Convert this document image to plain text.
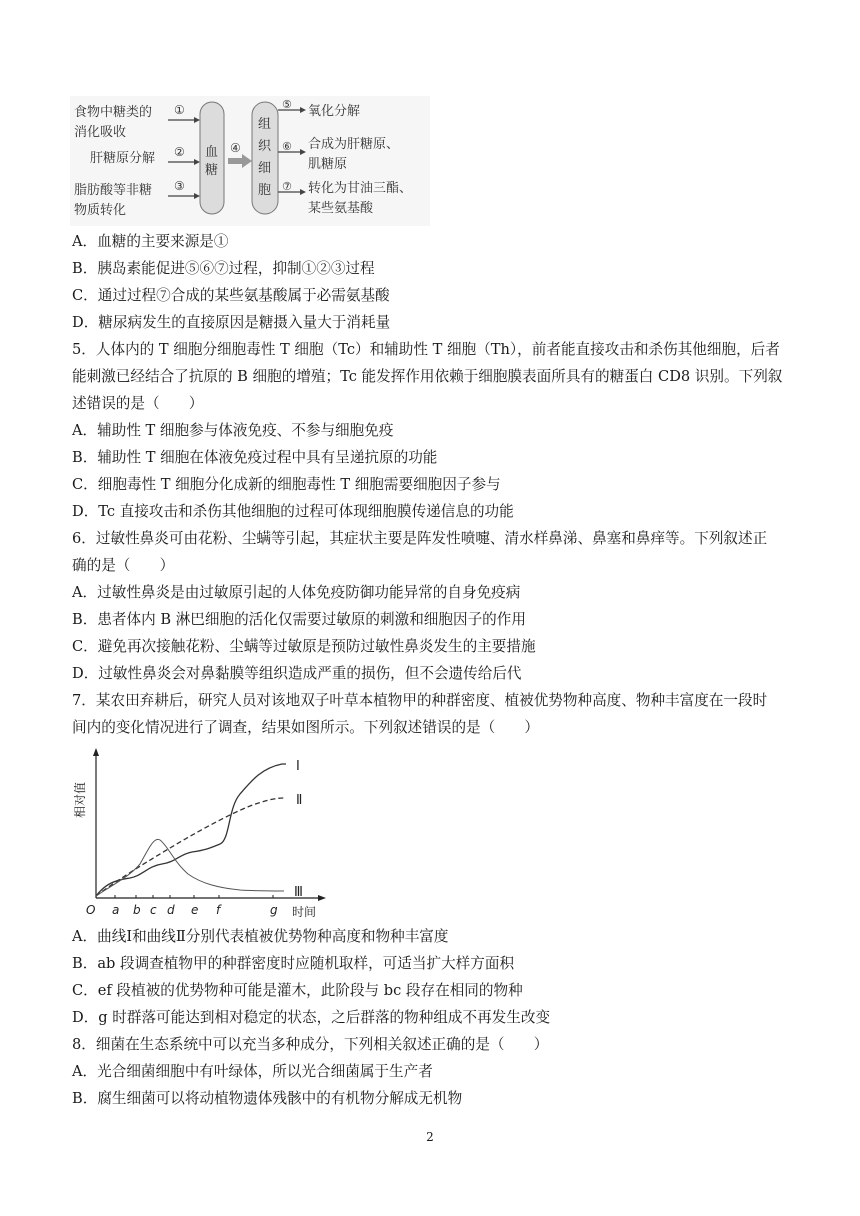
食物中糖类的
消化吸收
肝糖原分解
脂肪酸等非糖
物质转化
①
②
③
血
糖
④
组
织
细
胞
⑤ 氧化分解
⑥ 合成为肝糖原、
肌糖原
⑦ 转化为甘油三酯、
某些氨基酸
A．血糖的主要来源是①
B．胰岛素能促进⑤⑥⑦过程，抑制①②③过程
C．通过过程⑦合成的某些氨基酸属于必需氨基酸
D．糖尿病发生的直接原因是糖摄入量大于消耗量
5．人体内的 T 细胞分细胞毒性 T 细胞（Tc）和辅助性 T 细胞（Th），前者能直接攻击和杀伤其他细胞，后者
能刺激已经结合了抗原的 B 细胞的增殖；Tc 能发挥作用依赖于细胞膜表面所具有的糖蛋白 CD8 识别。下列叙
述错误的是（　　）
A．辅助性 T 细胞参与体液免疫、不参与细胞免疫
B．辅助性 T 细胞在体液免疫过程中具有呈递抗原的功能
C．细胞毒性 T 细胞分化成新的细胞毒性 T 细胞需要细胞因子参与
D．Tc 直接攻击和杀伤其他细胞的过程可体现细胞膜传递信息的功能
6．过敏性鼻炎可由花粉、尘螨等引起，其症状主要是阵发性喷嚏、清水样鼻涕、鼻塞和鼻痒等。下列叙述正
确的是（　　）
A．过敏性鼻炎是由过敏原引起的人体免疫防御功能异常的自身免疫病
B．患者体内 B 淋巴细胞的活化仅需要过敏原的刺激和细胞因子的作用
C．避免再次接触花粉、尘螨等过敏原是预防过敏性鼻炎发生的主要措施
D．过敏性鼻炎会对鼻黏膜等组织造成严重的损伤，但不会遗传给后代
7．某农田弃耕后，研究人员对该地双子叶草本植物甲的种群密度、植被优势物种高度、物种丰富度在一段时
间内的变化情况进行了调查，结果如图所示。下列叙述错误的是（　　）
相对值
O	时间
a b c d e f	g
Ⅰ
Ⅱ
Ⅲ
A．曲线Ⅰ和曲线Ⅱ分别代表植被优势物种高度和物种丰富度
B．ab 段调查植物甲的种群密度时应随机取样，可适当扩大样方面积
C．ef 段植被的优势物种可能是灌木，此阶段与 bc 段存在相同的物种
D．g 时群落可能达到相对稳定的状态，之后群落的物种组成不再发生改变
8．细菌在生态系统中可以充当多种成分，下列相关叙述正确的是（　　）
A．光合细菌细胞中有叶绿体，所以光合细菌属于生产者
B．腐生细菌可以将动植物遗体残骸中的有机物分解成无机物
2
